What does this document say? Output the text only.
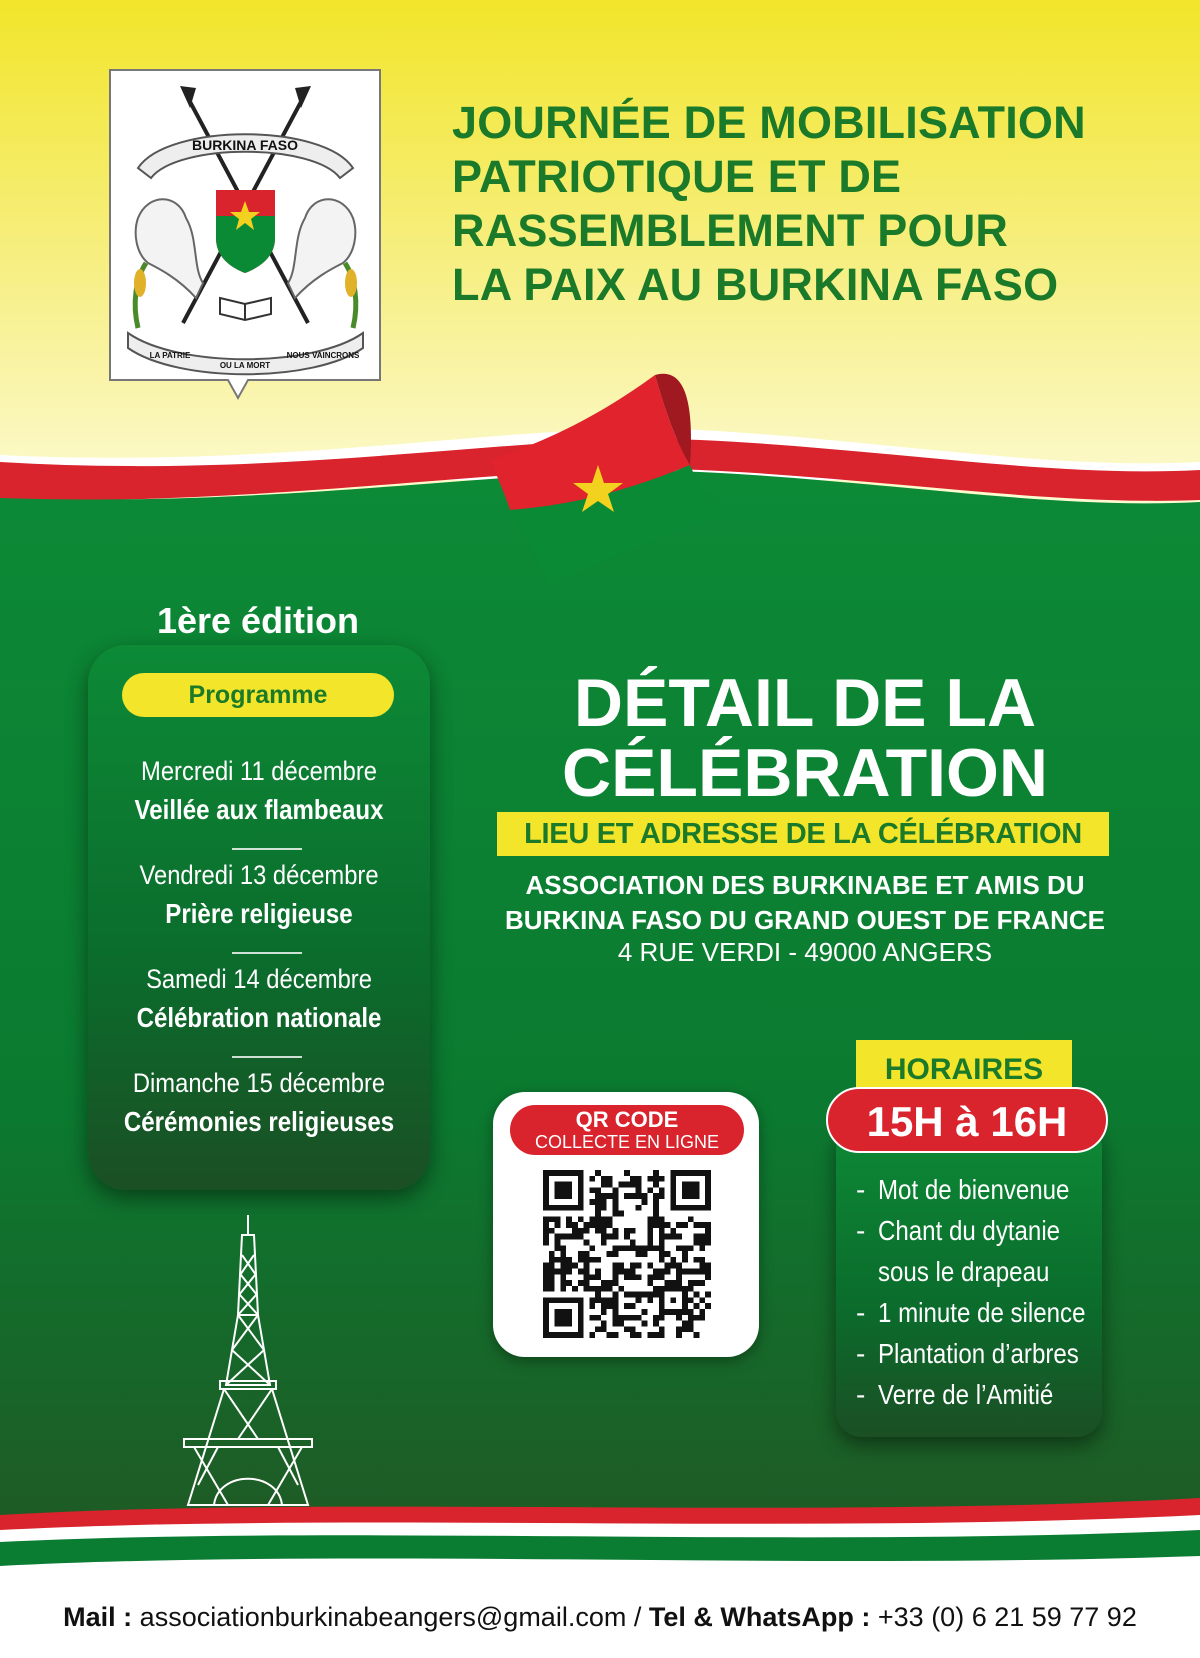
BURKINA FASO
LA PATRIE
OU LA MORT
NOUS VAINCRONS
JOURNÉE DE MOBILISATION
PATRIOTIQUE ET DE
RASSEMBLEMENT POUR
LA PAIX AU BURKINA FASO
1ère édition
Programme
Mercredi 11 décembre
Veillée aux flambeaux
Vendredi 13 décembre
Prière religieuse
Samedi 14 décembre
Célébration nationale
Dimanche 15 décembre
Cérémonies religieuses
DÉTAIL DE LA
CÉLÉBRATION
LIEU ET ADRESSE DE LA CÉLÉBRATION
ASSOCIATION DES BURKINABE ET AMIS DU
BURKINA FASO DU GRAND OUEST DE FRANCE
4 RUE VERDI - 49000 ANGERS
QR CODE
COLLECTE EN LIGNE
HORAIRES
15H à 16H
- Mot de bienvenue
- Chant du dytanie
sous le drapeau
- 1 minute de silence
- Plantation d’arbres
- Verre de l’Amitié
Mail : associationburkinabeangers@gmail.com / Tel & WhatsApp : +33 (0) 6 21 59 77 92
